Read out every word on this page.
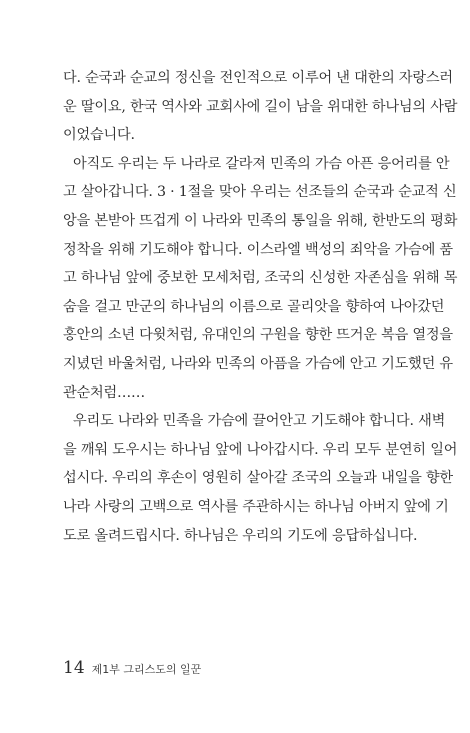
다. 순국과 순교의 정신을 전인적으로 이루어 낸 대한의 자랑스러
운 딸이요, 한국 역사와 교회사에 길이 남을 위대한 하나님의 사람
이었습니다.
아직도 우리는 두 나라로 갈라져 민족의 가슴 아픈 응어리를 안
고 살아갑니다. 3 · 1절을 맞아 우리는 선조들의 순국과 순교적 신
앙을 본받아 뜨겁게 이 나라와 민족의 통일을 위해, 한반도의 평화
정착을 위해 기도해야 합니다. 이스라엘 백성의 죄악을 가슴에 품
고 하나님 앞에 중보한 모세처럼, 조국의 신성한 자존심을 위해 목
숨을 걸고 만군의 하나님의 이름으로 골리앗을 향하여 나아갔던
홍안의 소년 다윗처럼, 유대인의 구원을 향한 뜨거운 복음 열정을
지녔던 바울처럼, 나라와 민족의 아픔을 가슴에 안고 기도했던 유
관순처럼……
우리도 나라와 민족을 가슴에 끌어안고 기도해야 합니다. 새벽
을 깨워 도우시는 하나님 앞에 나아갑시다. 우리 모두 분연히 일어
섭시다. 우리의 후손이 영원히 살아갈 조국의 오늘과 내일을 향한
나라 사랑의 고백으로 역사를 주관하시는 하나님 아버지 앞에 기
도로 올려드립시다. 하나님은 우리의 기도에 응답하십니다.
14 제1부 그리스도의 일꾼
